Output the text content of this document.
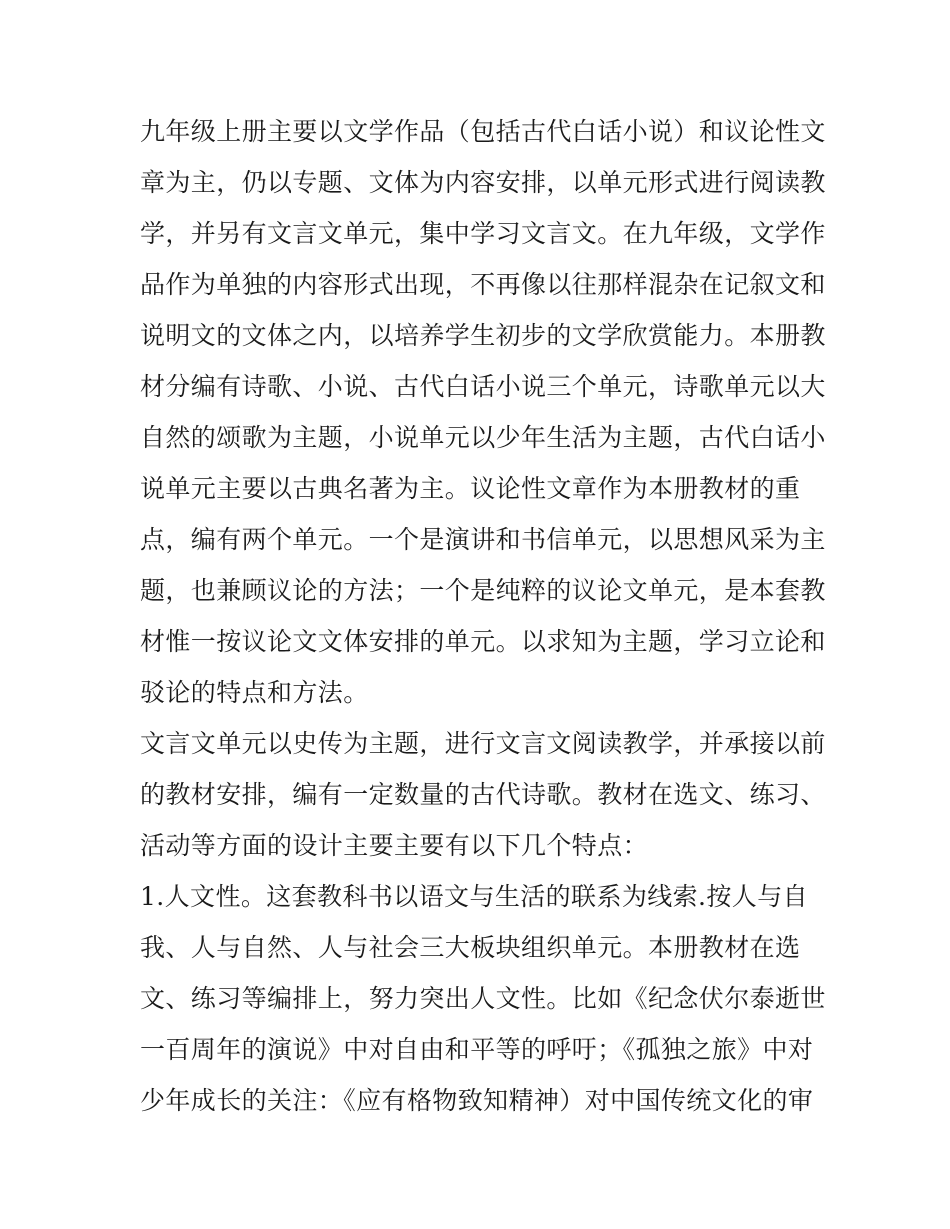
九年级上册主要以文学作品（包括古代白话小说）和议论性文
章为主，仍以专题、文体为内容安排，以单元形式进行阅读教
学，并另有文言文单元，集中学习文言文。在九年级，文学作
品作为单独的内容形式出现，不再像以往那样混杂在记叙文和
说明文的文体之内，以培养学生初步的文学欣赏能力。本册教
材分编有诗歌、小说、古代白话小说三个单元，诗歌单元以大
自然的颂歌为主题，小说单元以少年生活为主题，古代白话小
说单元主要以古典名著为主。议论性文章作为本册教材的重
点，编有两个单元。一个是演讲和书信单元，以思想风采为主
题，也兼顾议论的方法；一个是纯粹的议论文单元，是本套教
材惟一按议论文文体安排的单元。以求知为主题，学习立论和
驳论的特点和方法。
文言文单元以史传为主题，进行文言文阅读教学，并承接以前
的教材安排，编有一定数量的古代诗歌。教材在选文、练习、
活动等方面的设计主要主要有以下几个特点：
1.人文性。这套教科书以语文与生活的联系为线索.按人与自
我、人与自然、人与社会三大板块组织单元。本册教材在选
文、练习等编排上，努力突出人文性。比如《纪念伏尔泰逝世
一百周年的演说》中对自由和平等的呼吁；《孤独之旅》中对
少年成长的关注：《应有格物致知精神）对中国传统文化的审
